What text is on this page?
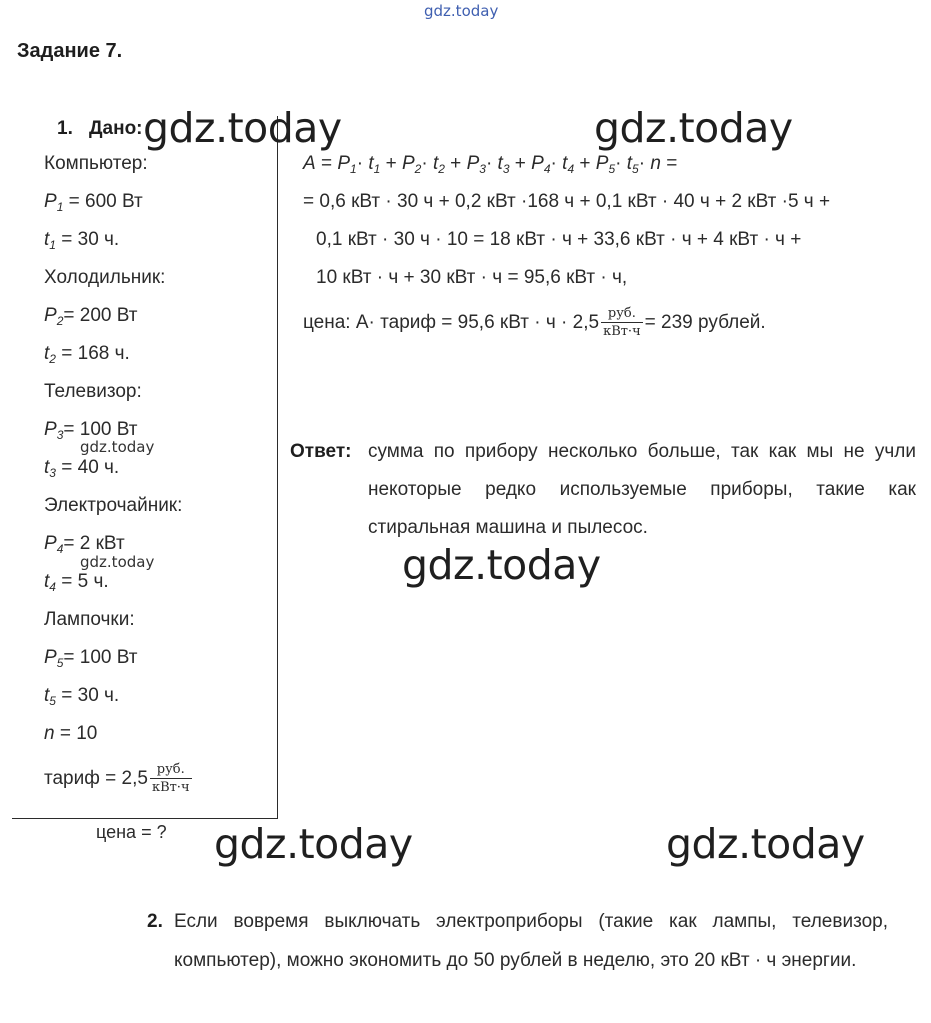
gdz.today
Задание 7.
1. Дано:
Компьютер:
$P_1 = 600$ Вт
$t_1 = 30$ ч.
Холодильник:
$P_2= 200$ Вт
$t_2 = 168$ ч.
Телевизор:
$P_3= 100$ Вт
gdz.today
$t_3 = 40$ ч.
Электрочайник:
$P_4= 2$ кВт
gdz.today
$t_4 = 5$ ч.
Лампочки:
$P_5= 100$ Вт
$t_5 = 30$ ч.
n = 10
тариф = $2,5 \frac{\text{руб.}}{\text{кВт·ч}}$
цена = ?
$A = P_1\cdot t_1 + P_2\cdot t_2 + P_3\cdot t_3 + P_4\cdot t_4 + P_5\cdot t_5\cdot n$ =
= 0,6 кВт · 30 ч + 0,2 кВт ·168 ч + 0,1 кВт · 40 ч + 2 кВт ·5 ч +
0,1 кВт · 30 ч · 10 = 18 кВт · ч + 33,6 кВт · ч + 4 кВт · ч +
10 кВт · ч + 30 кВт · ч = 95,6 кВт · ч,
цена: A· тариф = 95,6 кВт · $ч \cdot 2,5 \frac{\text{руб.}}{\text{кВт·ч}} = 239$ рублей.
Ответ: сумма по прибору несколько больше, так как мы не учли некоторые редко используемые приборы, такие как стиральная машина и пылесос.
2. Если вовремя выключать электроприборы (такие как лампы, телевизор, компьютер), можно экономить до 50 рублей в неделю, это 20 кВт · ч энергии.
gdz.today	gdz.today
gdz.today
gdz.today	gdz.today
